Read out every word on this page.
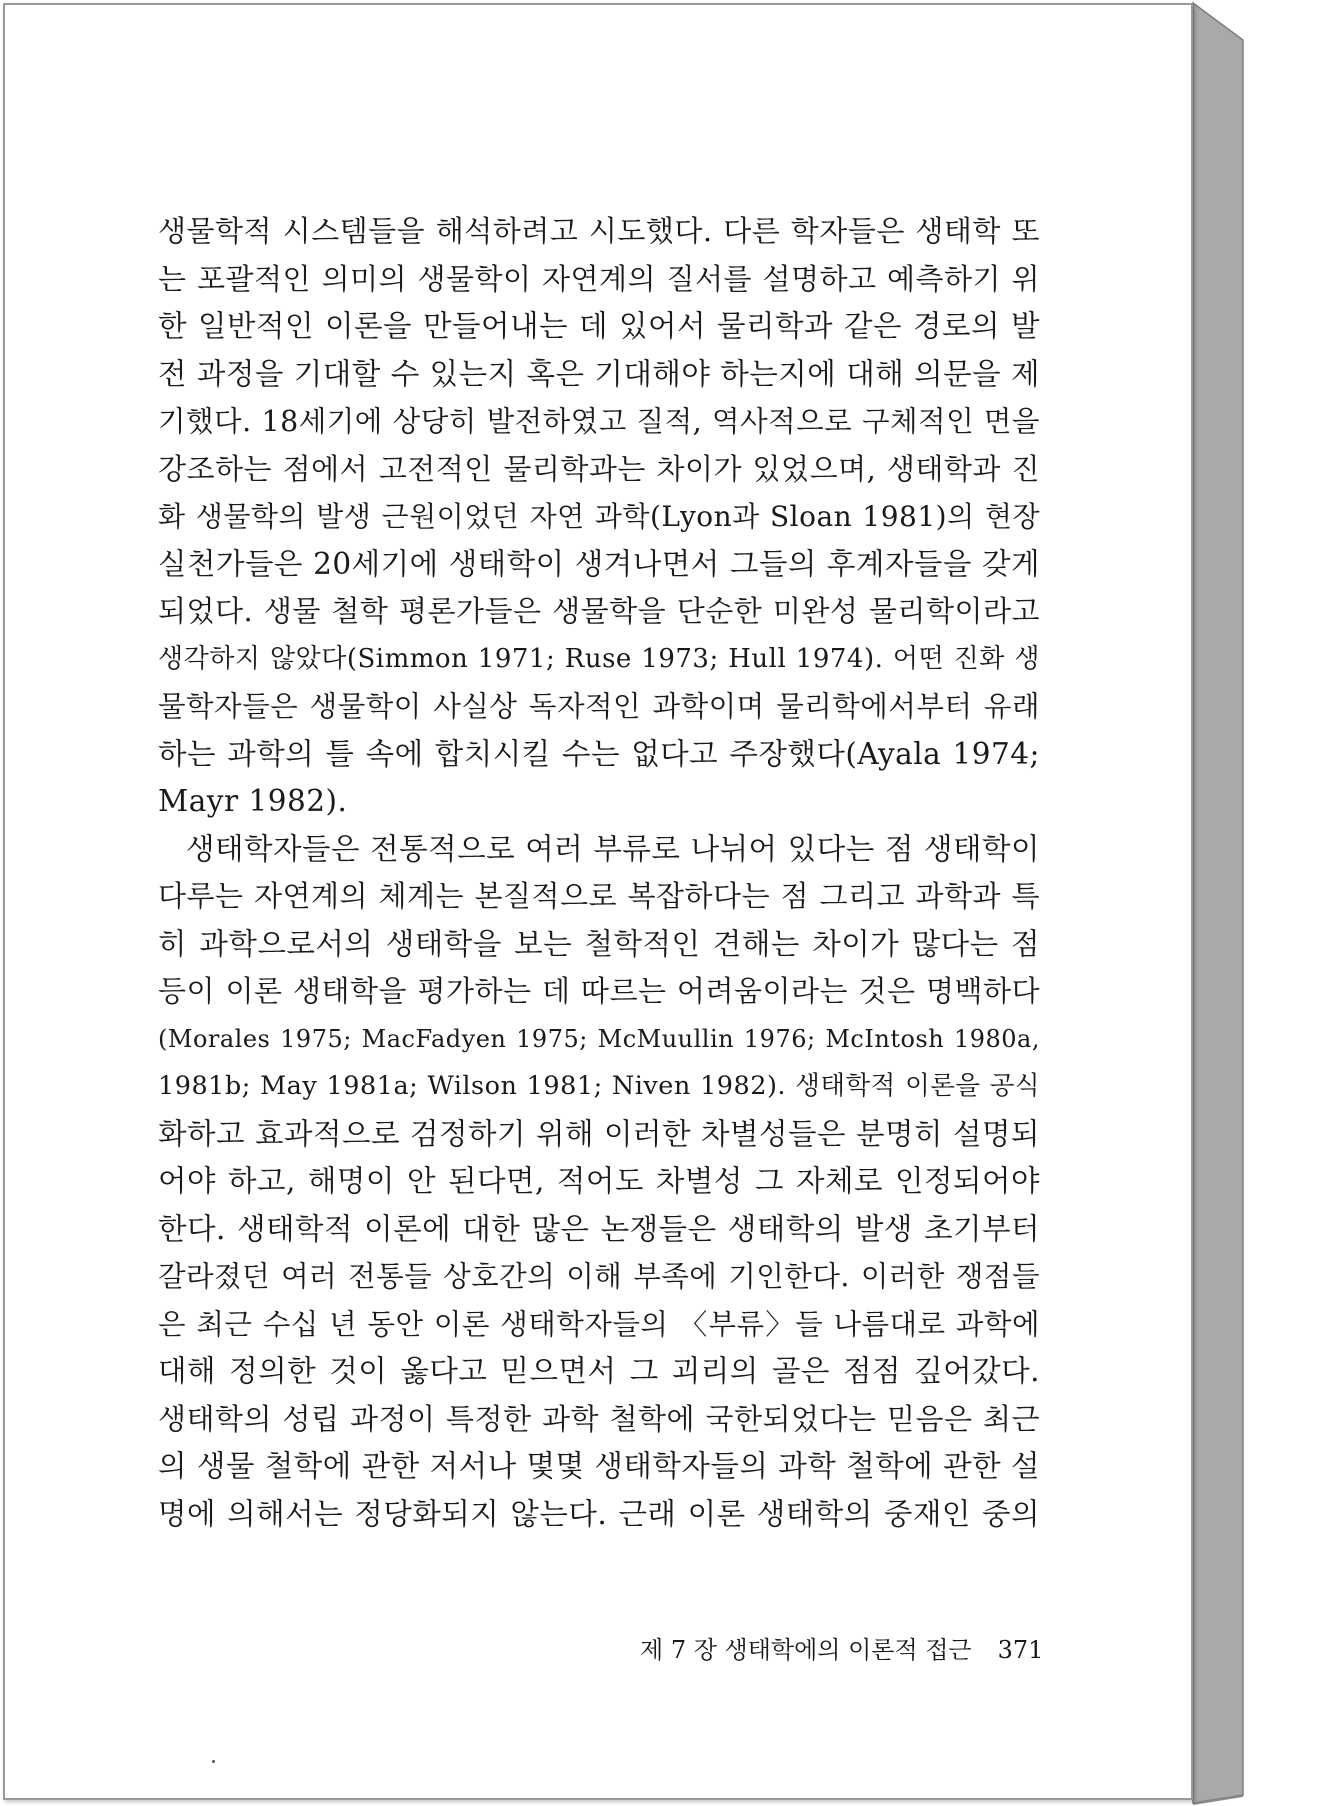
생물학적 시스템들을 해석하려고 시도했다. 다른 학자들은 생태학 또
는 포괄적인 의미의 생물학이 자연계의 질서를 설명하고 예측하기 위
한 일반적인 이론을 만들어내는 데 있어서 물리학과 같은 경로의 발
전 과정을 기대할 수 있는지 혹은 기대해야 하는지에 대해 의문을 제
기했다. 18세기에 상당히 발전하였고 질적, 역사적으로 구체적인 면을
강조하는 점에서 고전적인 물리학과는 차이가 있었으며, 생태학과 진
화 생물학의 발생 근원이었던 자연 과학(Lyon과 Sloan 1981)의 현장
실천가들은 20세기에 생태학이 생겨나면서 그들의 후계자들을 갖게
되었다. 생물 철학 평론가들은 생물학을 단순한 미완성 물리학이라고
생각하지 않았다(Simmon 1971; Ruse 1973; Hull 1974). 어떤 진화 생
물학자들은 생물학이 사실상 독자적인 과학이며 물리학에서부터 유래
하는 과학의 틀 속에 합치시킬 수는 없다고 주장했다(Ayala 1974;
Mayr 1982).
생태학자들은 전통적으로 여러 부류로 나뉘어 있다는 점 생태학이
다루는 자연계의 체계는 본질적으로 복잡하다는 점 그리고 과학과 특
히 과학으로서의 생태학을 보는 철학적인 견해는 차이가 많다는 점
등이 이론 생태학을 평가하는 데 따르는 어려움이라는 것은 명백하다
(Morales 1975; MacFadyen 1975; McMuullin 1976; McIntosh 1980a,
1981b; May 1981a; Wilson 1981; Niven 1982). 생태학적 이론을 공식
화하고 효과적으로 검정하기 위해 이러한 차별성들은 분명히 설명되
어야 하고, 해명이 안 된다면, 적어도 차별성 그 자체로 인정되어야
한다. 생태학적 이론에 대한 많은 논쟁들은 생태학의 발생 초기부터
갈라졌던 여러 전통들 상호간의 이해 부족에 기인한다. 이러한 쟁점들
은 최근 수십 년 동안 이론 생태학자들의 〈부류〉들 나름대로 과학에
대해 정의한 것이 옳다고 믿으면서 그 괴리의 골은 점점 깊어갔다.
생태학의 성립 과정이 특정한 과학 철학에 국한되었다는 믿음은 최근
의 생물 철학에 관한 저서나 몇몇 생태학자들의 과학 철학에 관한 설
명에 의해서는 정당화되지 않는다. 근래 이론 생태학의 중재인 중의
제 7 장 생태학에의 이론적 접근 371
